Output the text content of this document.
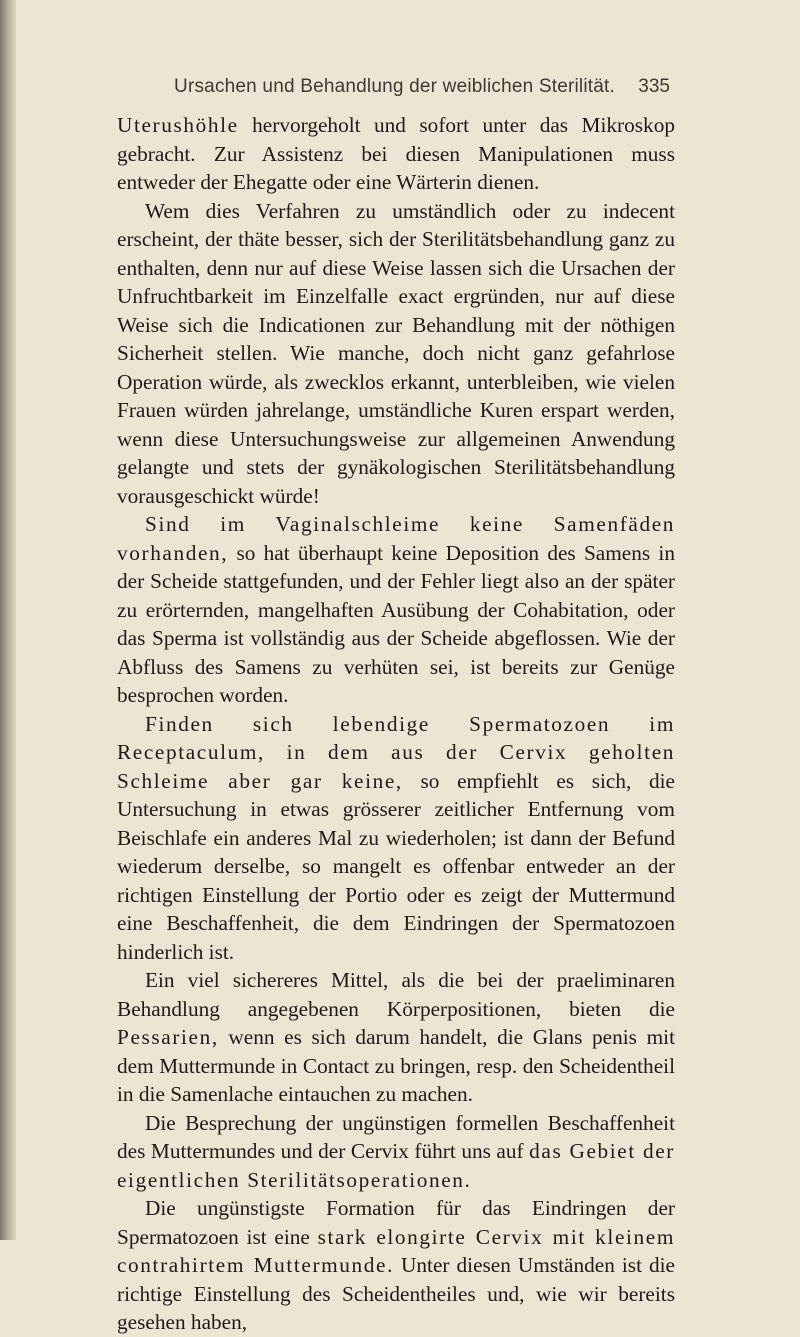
Ursachen und Behandlung der weiblichen Sterilität.	335

Uterushöhle hervorgeholt und sofort unter das Mikroskop gebracht. Zur Assistenz bei diesen Manipulationen muss entweder der Ehegatte oder eine Wärterin dienen.

Wem dies Verfahren zu umständlich oder zu indecent erscheint, der thäte besser, sich der Sterilitätsbehandlung ganz zu enthalten, denn nur auf diese Weise lassen sich die Ursachen der Unfruchtbarkeit im Einzelfalle exact ergründen, nur auf diese Weise sich die Indicationen zur Behandlung mit der nöthigen Sicherheit stellen. Wie manche, doch nicht ganz gefahrlose Operation würde, als zwecklos erkannt, unterbleiben, wie vielen Frauen würden jahrelange, umständliche Kuren erspart werden, wenn diese Untersuchungsweise zur allgemeinen Anwendung gelangte und stets der gynäkologischen Sterilitätsbehandlung vorausgeschickt würde!

Sind im Vaginalschleime keine Samenfäden vorhanden, so hat überhaupt keine Deposition des Samens in der Scheide stattgefunden, und der Fehler liegt also an der später zu erörternden, mangelhaften Ausübung der Cohabitation, oder das Sperma ist vollständig aus der Scheide abgeflossen. Wie der Abfluss des Samens zu verhüten sei, ist bereits zur Genüge besprochen worden.

Finden sich lebendige Spermatozoen im Receptaculum, in dem aus der Cervix geholten Schleime aber gar keine, so empfiehlt es sich, die Untersuchung in etwas grösserer zeitlicher Entfernung vom Beischlafe ein anderes Mal zu wiederholen; ist dann der Befund wiederum derselbe, so mangelt es offenbar entweder an der richtigen Einstellung der Portio oder es zeigt der Muttermund eine Beschaffenheit, die dem Eindringen der Spermatozoen hinderlich ist.

Ein viel sichereres Mittel, als die bei der praeliminaren Behandlung angegebenen Körperpositionen, bieten die Pessarien, wenn es sich darum handelt, die Glans penis mit dem Muttermunde in Contact zu bringen, resp. den Scheidentheil in die Samenlache eintauchen zu machen.

Die Besprechung der ungünstigen formellen Beschaffenheit des Muttermundes und der Cervix führt uns auf das Gebiet der eigentlichen Sterilitätsoperationen.

Die ungünstigste Formation für das Eindringen der Spermatozoen ist eine stark elongirte Cervix mit kleinem contrahirtem Muttermunde. Unter diesen Umständen ist die richtige Einstellung des Scheidentheiles und, wie wir bereits gesehen haben,
